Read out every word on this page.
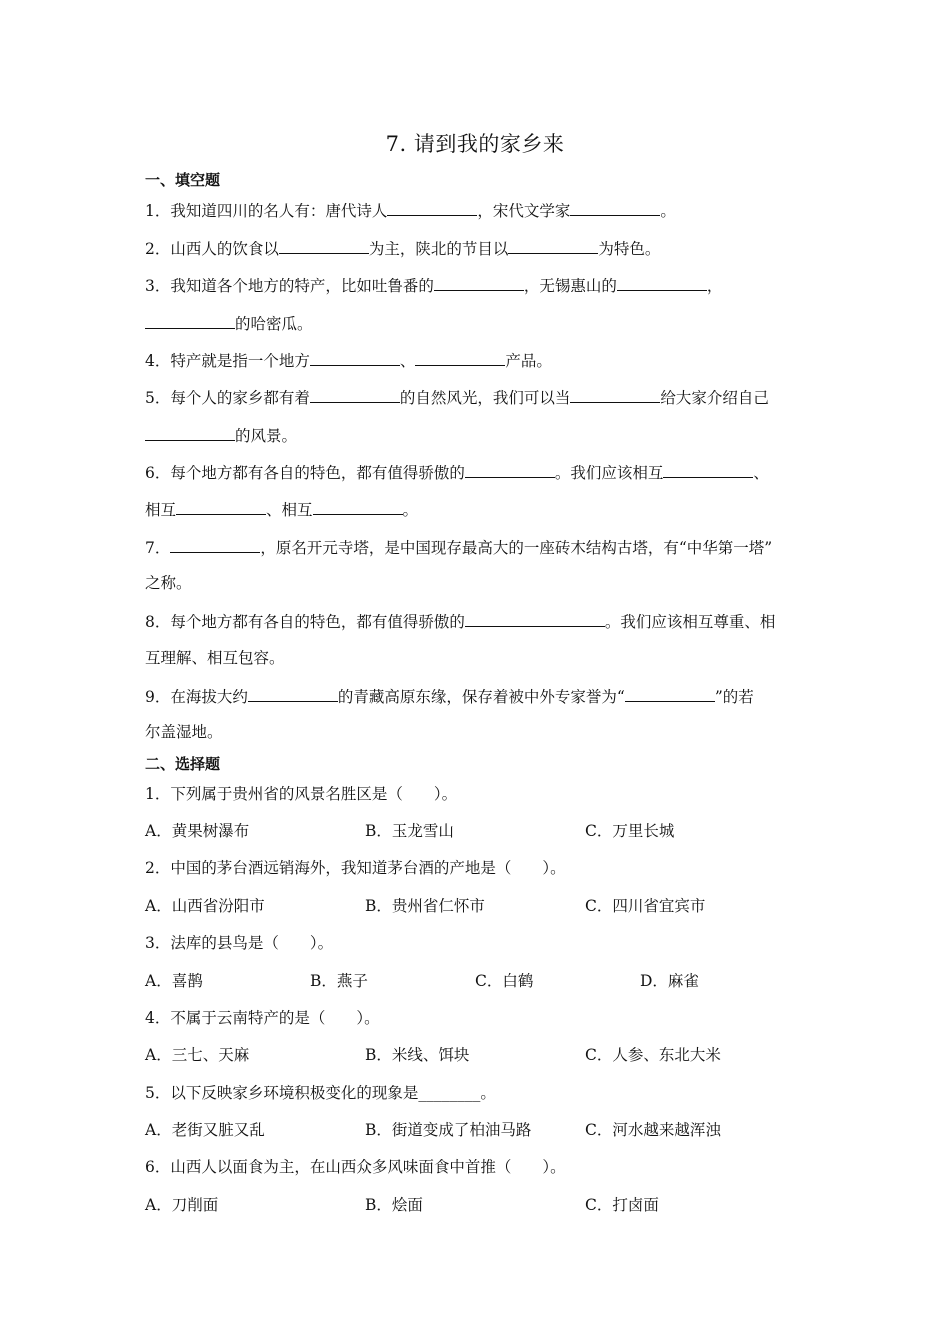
7. 请到我的家乡来
一、填空题
1．我知道四川的名人有：唐代诗人	，宋代文学家	。
2．山西人的饮食以	为主，陕北的节目以	为特色。
3．我知道各个地方的特产，比如吐鲁番的	，无锡惠山的	，
的哈密瓜。
4．特产就是指一个地方	、	产品。
5．每个人的家乡都有着	的自然风光，我们可以当	给大家介绍自己
的风景。
6．每个地方都有各自的特色，都有值得骄傲的	。我们应该相互	、
相互	、相互	。
7．	，原名开元寺塔，是中国现存最高大的一座砖木结构古塔，有“中华第一塔”
之称。
8．每个地方都有各自的特色，都有值得骄傲的	。我们应该相互尊重、相
互理解、相互包容。
9．在海拔大约	的青藏高原东缘，保存着被中外专家誉为“	”的若
尔盖湿地。
二、选择题
1．下列属于贵州省的风景名胜区是（　　）。
A．黄果树瀑布	B．玉龙雪山	C．万里长城
2．中国的茅台酒远销海外，我知道茅台酒的产地是（　　）。
A．山西省汾阳市	B．贵州省仁怀市	C．四川省宜宾市
3．法库的县鸟是（　　）。
A．喜鹊	B．燕子	C．白鹤	D．麻雀
4．不属于云南特产的是（　　）。
A．三七、天麻	B．米线、饵块	C．人参、东北大米
5．以下反映家乡环境积极变化的现象是________。
A．老街又脏又乱	B．街道变成了柏油马路	C．河水越来越浑浊
6．山西人以面食为主，在山西众多风味面食中首推（　　）。
A．刀削面	B．烩面	C．打卤面
